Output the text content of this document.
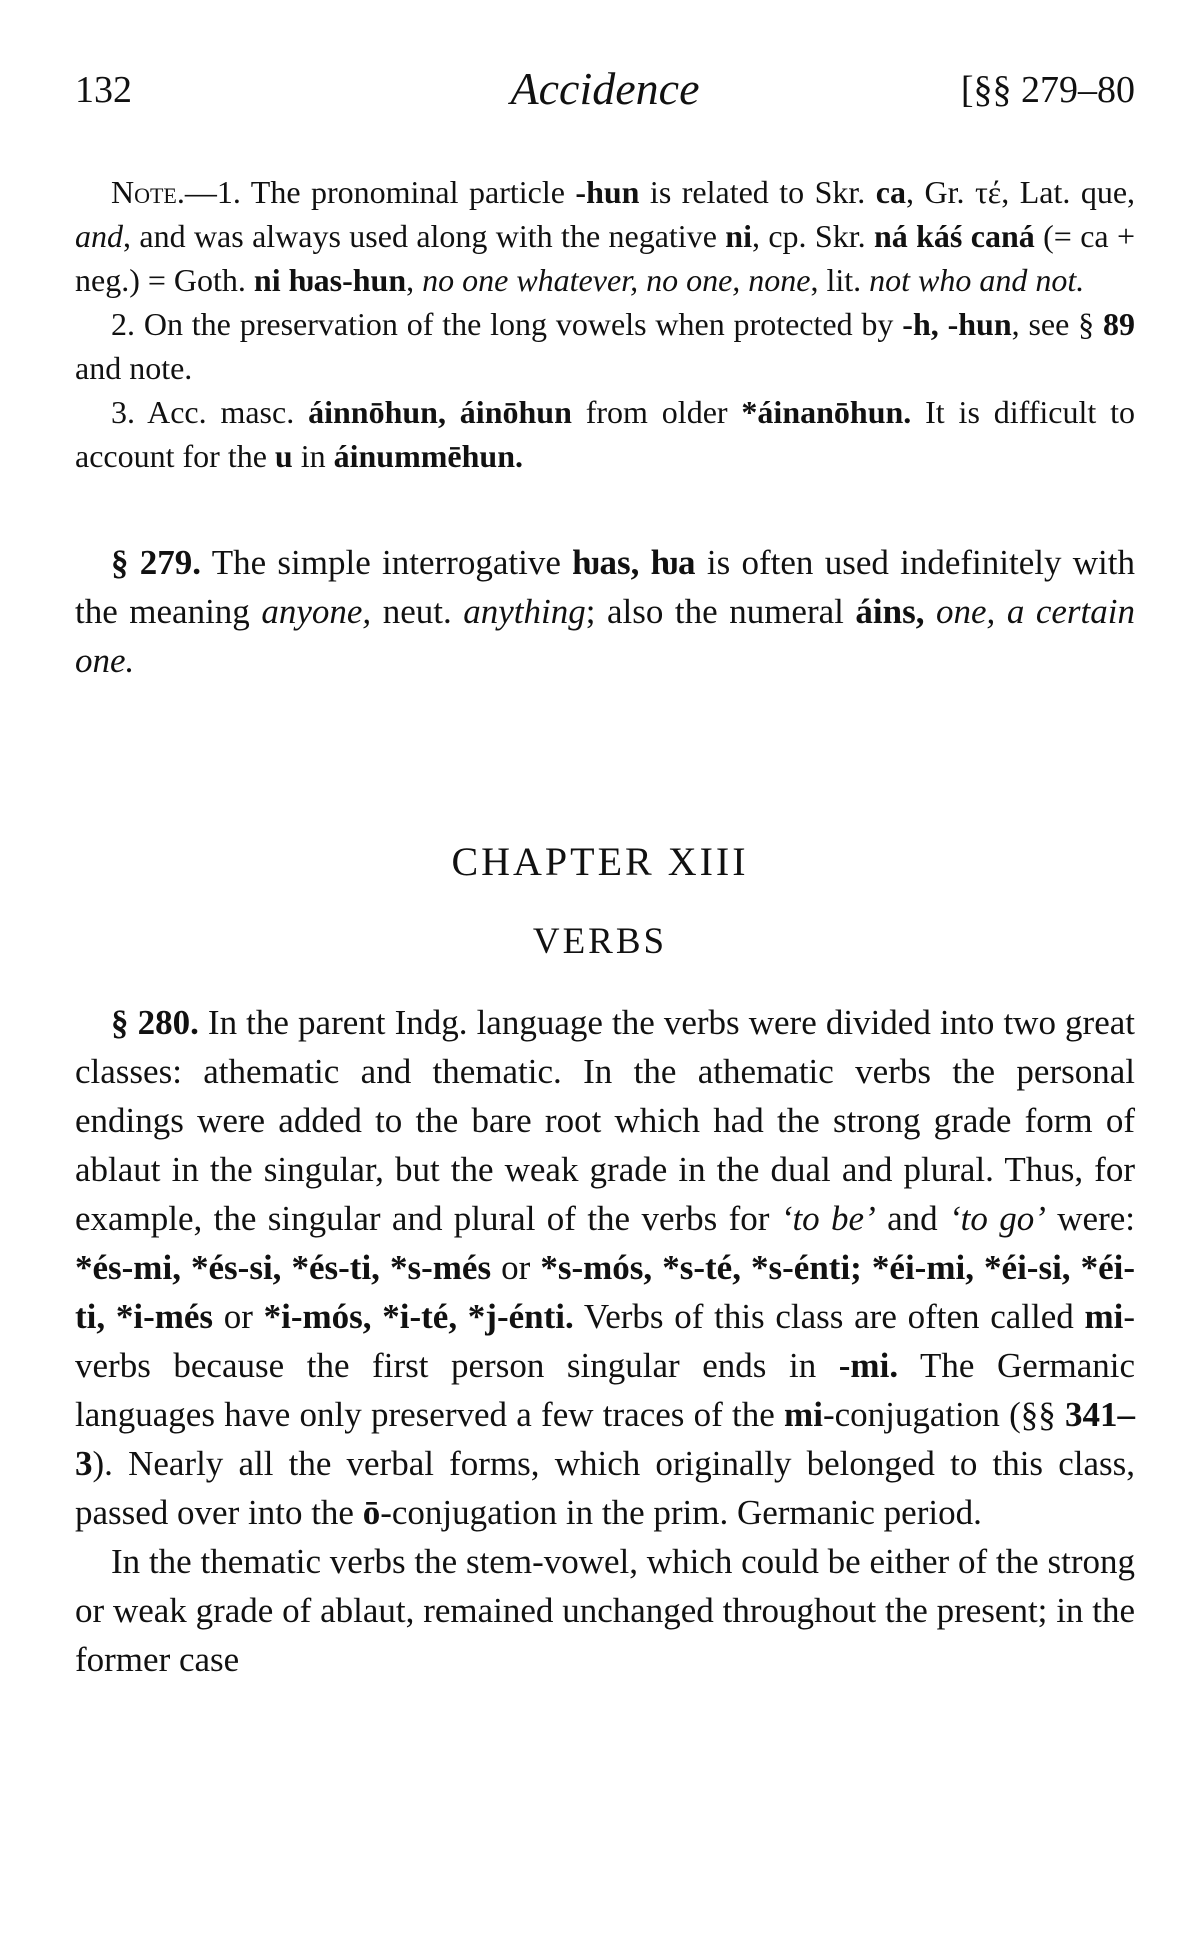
132	Accidence	[§§ 279–80

Note.—1. The pronominal particle -hun is related to Skr. ca, Gr. τέ, Lat. que, and, and was always used along with the negative ni, cp. Skr. ná káś caná (= ca + neg.) = Goth. ni ƕas-hun, no one whatever, no one, none, lit. not who and not.

2. On the preservation of the long vowels when protected by -h, -hun, see § 89 and note.

3. Acc. masc. áinnōhun, áinōhun from older *áinanōhun. It is difficult to account for the u in áinummēhun.

§ 279. The simple interrogative ƕas, ƕa is often used indefinitely with the meaning anyone, neut. anything; also the numeral áins, one, a certain one.

CHAPTER XIII
VERBS

§ 280. In the parent Indg. language the verbs were divided into two great classes: athematic and thematic. In the athematic verbs the personal endings were added to the bare root which had the strong grade form of ablaut in the singular, but the weak grade in the dual and plural. Thus, for example, the singular and plural of the verbs for ‘to be’ and ‘to go’ were: *és-mi, *és-si, *és-ti, *s-més or *s-mós, *s-té, *s-énti; *éi-mi, *éi-si, *éi-ti, *i-més or *i-mós, *i-té, *j-énti. Verbs of this class are often called mi-verbs because the first person singular ends in -mi. The Germanic languages have only preserved a few traces of the mi-conjugation (§§ 341–3). Nearly all the verbal forms, which originally belonged to this class, passed over into the ō-conjugation in the prim. Germanic period.

In the thematic verbs the stem-vowel, which could be either of the strong or weak grade of ablaut, remained unchanged throughout the present; in the former case
